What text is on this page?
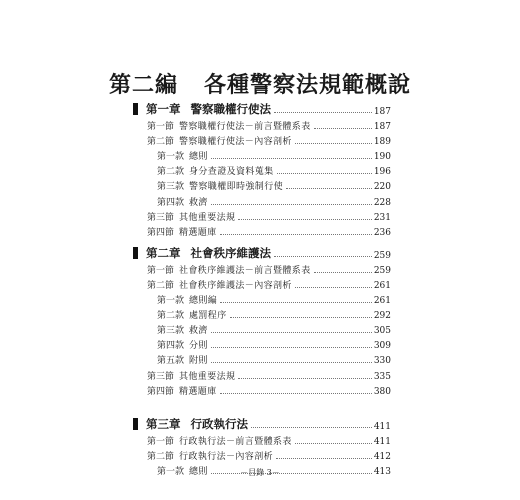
第二編 各種警察法規範概說
第一章 警察職權行使法	187
第一節 警察職權行使法－前言暨體系表	187
第二節 警察職權行使法－內容剖析	189
第一款 總則	190
第二款 身分查證及資料蒐集	196
第三款 警察職權即時強制行使	220
第四款 救濟	228
第三節 其他重要法規	231
第四節 精選題庫	236
第二章 社會秩序維護法	259
第一節 社會秩序維護法－前言暨體系表	259
第二節 社會秩序維護法－內容剖析	261
第一款 總則編	261
第二款 處罰程序	292
第三款 救濟	305
第四款 分則	309
第五款 附則	330
第三節 其他重要法規	335
第四節 精選題庫	380
第三章 行政執行法	411
第一節 行政執行法－前言暨體系表	411
第二節 行政執行法－內容剖析	412
第一款 總則	413
－目錄 3－
